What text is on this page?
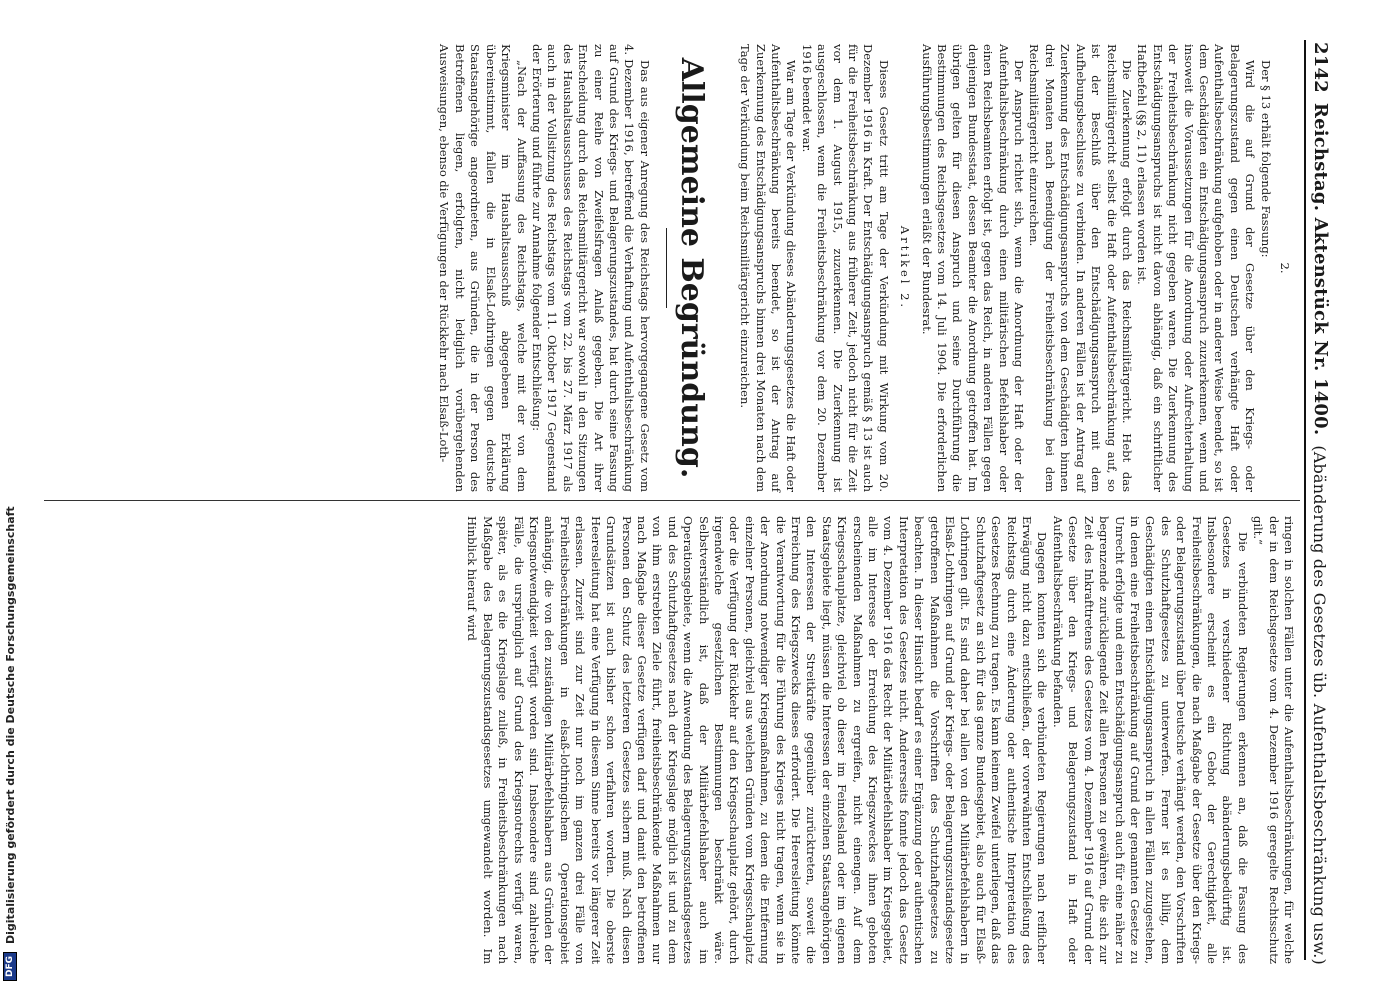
DFG
Digitalisierung gefördert durch die Deutsche Forschungsgemeinschaft
2142
Reichstag. Aktenstück Nr. 1400.
(Abänderung des Gesetzes üb. Aufenthaltsbeschränkung usw.)
2.

Der § 13 erhält folgende Fassung:

Wird die auf Grund der Gesetze über den Kriegs- oder Belagerungszustand gegen einen Deutschen verhängte Haft oder Aufenthaltsbeschränkung aufgehoben oder in anderer Weise beendet, so ist dem Geschädigten ein Entschädigungsanspruch zuzuerkennen, wenn und insoweit die Voraussetzungen für die Anordnung oder Aufrechterhaltung der Freiheitsbeschränkung nicht gegeben waren. Die Zuerkennung des Entschädigungsanspruchs ist nicht davon abhängig, daß ein schriftlicher Haftbefehl (§§ 2, 11) erlassen worden ist.

Die Zuerkennung erfolgt durch das Reichsmilitärgericht. Hebt das Reichsmilitärgericht selbst die Haft oder Aufenthaltsbeschränkung auf, so ist der Beschluß über den Entschädigungsanspruch mit dem Aufhebungsbeschlusse zu verbinden. In anderen Fällen ist der Antrag auf Zuerkennung des Entschädigungsanspruchs von dem Geschädigten binnen drei Monaten nach Beendigung der Freiheitsbeschränkung bei dem Reichsmilitärgericht einzureichen.

Der Anspruch richtet sich, wenn die Anordnung der Haft oder der Aufenthaltsbeschränkung durch einen militärischen Befehlshaber oder einen Reichsbeamten erfolgt ist, gegen das Reich, in anderen Fällen gegen denjenigen Bundesstaat, dessen Beamter die Anordnung getroffen hat. Im übrigen gelten für diesen Anspruch und seine Durchführung die Bestimmungen des Reichsgesetzes vom 14. Juli 1904. Die erforderlichen Ausführungsbestimmungen erläßt der Bundesrat.

Artikel 2.

Dieses Gesetz tritt am Tage der Verkündung mit Wirkung vom 20. Dezember 1916 in Kraft. Der Entschädigungsanspruch gemäß § 13 ist auch für die Freiheitsbeschränkung aus früherer Zeit, jedoch nicht für die Zeit vor dem 1. August 1915, zuzuerkennen. Die Zuerkennung ist ausgeschlossen, wenn die Freiheitsbeschränkung vor dem 20. Dezember 1916 beendet war.

War am Tage der Verkündung dieses Abänderungsgesetzes die Haft oder Aufenthaltsbeschränkung bereits beendet, so ist der Antrag auf Zuerkennung des Entschädigungsanspruchs binnen drei Monaten nach dem Tage der Verkündung beim Reichsmilitärgericht einzureichen.

Allgemeine Begründung.

Das aus eigener Anregung des Reichstags hervorgegangene Gesetz vom 4. Dezember 1916, betreffend die Verhaftung und Aufenthaltsbeschränkung auf Grund des Kriegs- und Belagerungszustandes, hat durch seine Fassung zu einer Reihe von Zweifelsfragen Anlaß gegeben. Die Art ihrer Entscheidung durch das Reichsmilitärgericht war sowohl in den Sitzungen des Haushaltsausschusses des Reichstags vom 22. bis 27. März 1917 als auch in der Vollsitzung des Reichstags vom 11. Oktober 1917 Gegenstand der Erörterung und führte zur Annahme folgender Entschließung:

„Nach der Auffassung des Reichstags, welche mit der von dem Kriegsminister im Haushaltsausschuß abgegebenen Erklärung übereinstimmt, fallen die in Elsaß-Lothringen gegen deutsche Staatsangehörige angeordneten, aus Gründen, die in der Person des Betroffenen liegen, erfolgten, nicht lediglich vorübergehenden Ausweisungen, ebenso die Verfügungen der Rückkehr nach Elsaß-Loth-

ringen in solchen Fällen unter die Aufenthaltsbeschränkungen, für welche der in dem Reichsgesetze vom 4. Dezember 1916 geregelte Rechtsschutz gilt.“

Die verbündeten Regierungen erkennen an, daß die Fassung des Gesetzes in verschiedener Richtung abänderungsbedürftig ist. Insbesondere erscheint es ein Gebot der Gerechtigkeit, alle Freiheitsbeschränkungen, die nach Maßgabe der Gesetze über den Kriegs- oder Belagerungszustand über Deutsche verhängt werden, den Vorschriften des Schutzhaftgesetzes zu unterwerfen. Ferner ist es billig, dem Geschädigten einen Entschädigungsanspruch in allen Fällen zuzugestehen, in denen eine Freiheitsbeschränkung auf Grund der genannten Gesetze zu Unrecht erfolgte und einen Entschädigungsanspruch auch für eine näher zu begrenzende zurückliegende Zeit allen Personen zu gewähren, die sich zur Zeit des Inkrafttretens des Gesetzes vom 4. Dezember 1916 auf Grund der Gesetze über den Kriegs- und Belagerungszustand in Haft oder Aufenthaltsbeschränkung befanden.

Dagegen konnten sich die verbündeten Regierungen nach reiflicher Erwägung nicht dazu entschließen, der vorerwähnten Entschließung des Reichstags durch eine Änderung oder authentische Interpretation des Gesetzes Rechnung zu tragen. Es kann keinem Zweifel unterliegen, daß das Schutzhaftgesetz an sich für das ganze Bundesgebiet, also auch für Elsaß-Lothringen gilt. Es sind daher bei allen von den Militärbefehlshabern in Elsaß-Lothringen auf Grund der Kriegs- oder Belagerungszustandsgesetze getroffenen Maßnahmen die Vorschriften des Schutzhaftgesetzes zu beachten. In dieser Hinsicht bedarf es einer Ergänzung oder authentischen Interpretation des Gesetzes nicht. Andererseits fonnte jedoch das Gesetz vom 4. Dezember 1916 das Recht der Militärbefehlshaber im Kriegsgebiet, alle im Interesse der Erreichung des Kriegszweckes ihnen geboten erscheinenden Maßnahmen zu ergreifen, nicht einengen. Auf dem Kriegsschauplatze, gleichviel ob dieser im Feindesland oder im eigenen Staatsgebiete liegt, müssen die Interessen der einzelnen Staatsangehörigen den Interessen der Streitkräfte gegenüber zurücktreten, soweit die Erreichung des Kriegszwecks dieses erfordert. Die Heeresleitung könnte die Verantwortung für die Führung des Krieges nicht tragen, wenn sie in der Anordnung notwendiger Kriegsmaßnahmen, zu denen die Entfernung einzelner Personen, gleichviel aus welchen Gründen vom Kriegsschauplatz oder die Verfügung der Rückkehr auf den Kriegsschauplatz gehört, durch irgendwelche gesetzlichen Bestimmungen beschränkt wäre. Selbstverständlich ist, daß der Militärbefehlshaber auch im Operationsgebiete, wenn die Anwendung des Belagerungszustandsgesetzes und des Schutzhaftgesetzes nach der Kriegslage möglich ist und zu dem von ihm erstrebten Ziele führt, freiheitsbeschränkende Maßnahmen nur nach Maßgabe dieser Gesetze verfügen darf und damit den betroffenen Personen den Schutz des letzteren Gesetzes sichern muß. Nach diesen Grundsätzen ist auch bisher schon verfahren worden. Die oberste Heeresleitung hat eine Verfügung in diesem Sinne bereits vor längerer Zeit erlassen. Zurzeit sind zur Zeit nur noch im ganzen drei Fälle von Freiheitsbeschränkungen in elsaß-lothringischem Operationsgebiet anhängig, die von den zuständigen Militärbefehlshabern aus Gründen der Kriegsnotwendigkeit verfügt worden sind. Insbesondere sind zahlreiche Fälle, die ursprünglich auf Grund des Kriegsnotrechts verfügt waren, später, als es die Kriegslage zuließ, in Freiheitsbeschränkungen nach Maßgabe des Belagerungszustandsgesetzes umgewandelt worden. Im Hinblick hierauf wird
